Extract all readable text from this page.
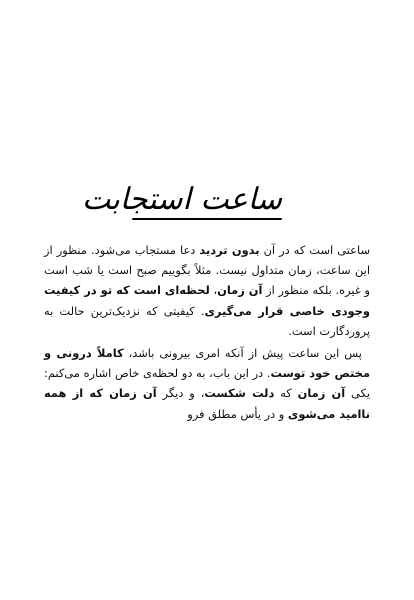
ساعت استجابت

ساعتی است که در آن بدون تردید دعا مستجاب می‌شود. منظور از این ساعت، زمان متداول نیست. مثلاً بگوییم صبح است یا شب است و غیره. بلکه منظور از آن زمان، لحظه‌ای است که تو در کیفیت وجودی خاصی قرار می‌گیری. کیفیتی که نزدیک‌ترین حالت به پروردگارت است.

پس این ساعت پیش از آنکه امری بیرونی باشد، کاملاً درونی و مختص خود توست. در این باب، به دو لحظه‌ی خاص اشاره می‌کنم: یکی آن زمان که دلت شکست، و دیگر آن زمان که از همه ناامید می‌شوی و در یأس مطلق فرو
